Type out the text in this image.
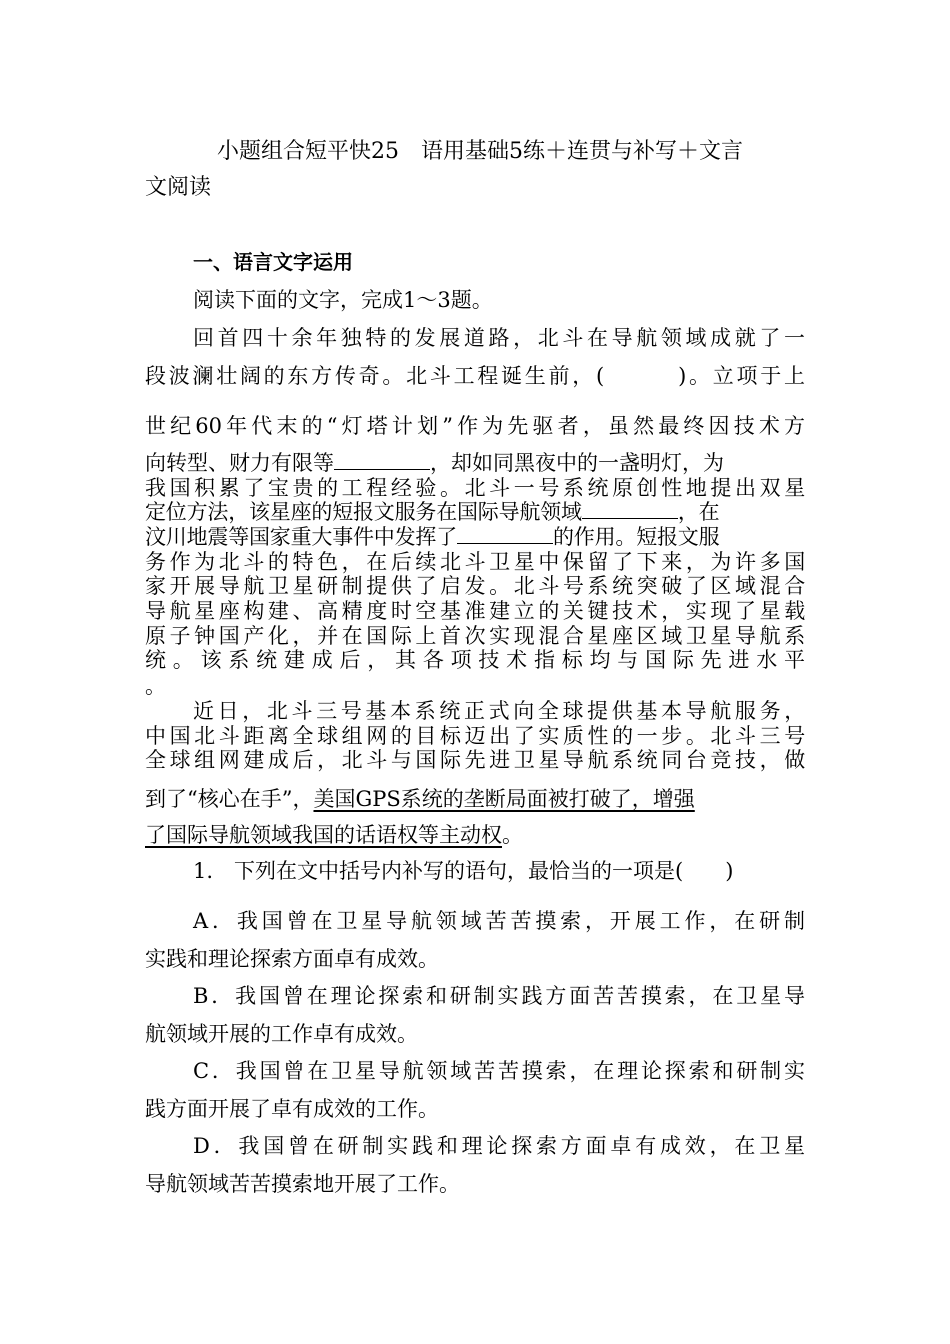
小题组合短平快25　语用基础5练＋连贯与补写＋文言
文阅读
一、语言文字运用
阅读下面的文字，完成1～3题。
回首四十余年独特的发展道路，北斗在导航领域成就了一
段波澜壮阔的东方传奇。北斗工程诞生前，(　　　)。立项于上
世纪60年代末的“灯塔计划”作为先驱者，虽然最终因技术方
向转型、财力有限等	，却如同黑夜中的一盏明灯，为
我国积累了宝贵的工程经验。北斗一号系统原创性地提出双星
定位方法，该星座的短报文服务在国际导航领域	，在
汶川地震等国家重大事件中发挥了	的作用。短报文服
务作为北斗的特色，在后续北斗卫星中保留了下来，为许多国
家开展导航卫星研制提供了启发。北斗号系统突破了区域混合
导航星座构建、高精度时空基准建立的关键技术，实现了星载
原子钟国产化，并在国际上首次实现混合星座区域卫星导航系
统。该系统建成后，其各项技术指标均与国际先进水平
。
近日，北斗三号基本系统正式向全球提供基本导航服务，
中国北斗距离全球组网的目标迈出了实质性的一步。北斗三号
全球组网建成后，北斗与国际先进卫星导航系统同台竞技，做
到了“核心在手”，美国GPS系统的垄断局面被打破了，增强
了国际导航领域我国的话语权等主动权。
1.　下列在文中括号内补写的语句，最恰当的一项是(　　)
A．我国曾在卫星导航领域苦苦摸索，开展工作，在研制
实践和理论探索方面卓有成效。
B．我国曾在理论探索和研制实践方面苦苦摸索，在卫星导
航领域开展的工作卓有成效。
C．我国曾在卫星导航领域苦苦摸索，在理论探索和研制实
践方面开展了卓有成效的工作。
D．我国曾在研制实践和理论探索方面卓有成效，在卫星
导航领域苦苦摸索地开展了工作。
